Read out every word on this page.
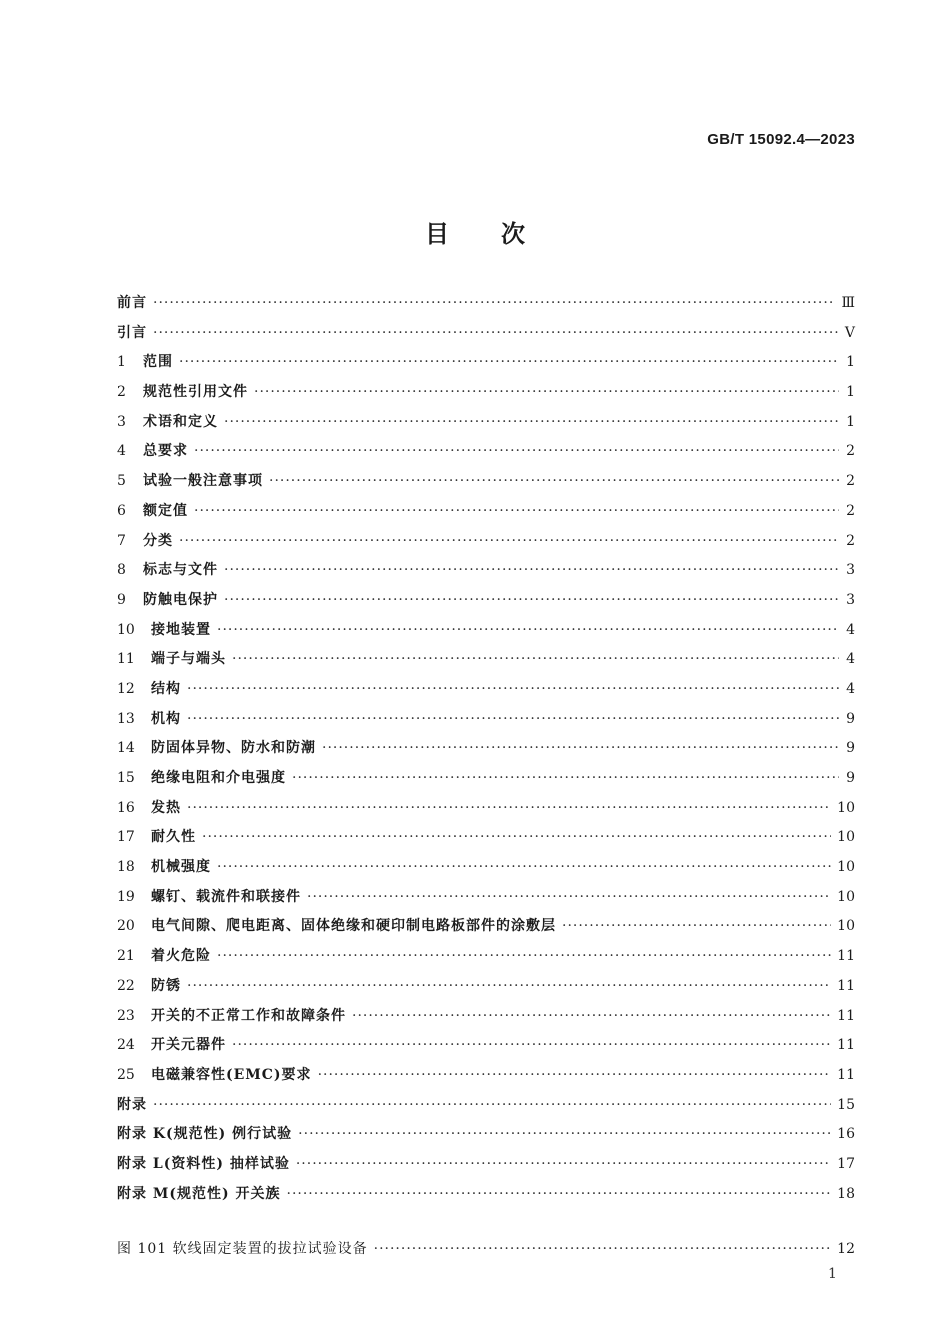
GB/T 15092.4—2023
目 次
前言 ·····	Ⅲ
引言 ·····	Ⅴ
1	范围 ·····	1
2	规范性引用文件 ·····	1
3	术语和定义 ·····	1
4	总要求 ·····	2
5	试验一般注意事项 ·····	2
6	额定值 ·····	2
7	分类 ·····	2
8	标志与文件 ·····	3
9	防触电保护 ·····	3
10	接地装置 ·····	4
11	端子与端头 ·····	4
12	结构 ·····	4
13	机构 ·····	9
14	防固体异物、防水和防潮 ·····	9
15	绝缘电阻和介电强度 ·····	9
16	发热 ·····	10
17	耐久性 ·····	10
18	机械强度 ·····	10
19	螺钉、载流件和联接件 ·····	10
20	电气间隙、爬电距离、固体绝缘和硬印制电路板部件的涂敷层 ·····	10
21	着火危险 ·····	11
22	防锈 ·····	11
23	开关的不正常工作和故障条件 ·····	11
24	开关元器件 ·····	11
25	电磁兼容性(EMC)要求 ·····	11
附录 ·····	15
附录 K(规范性) 例行试验 ·····	16
附录 L(资料性) 抽样试验 ·····	17
附录 M(规范性) 开关族 ·····	18
图 101 软线固定装置的拔拉试验设备 ·····	12
1
